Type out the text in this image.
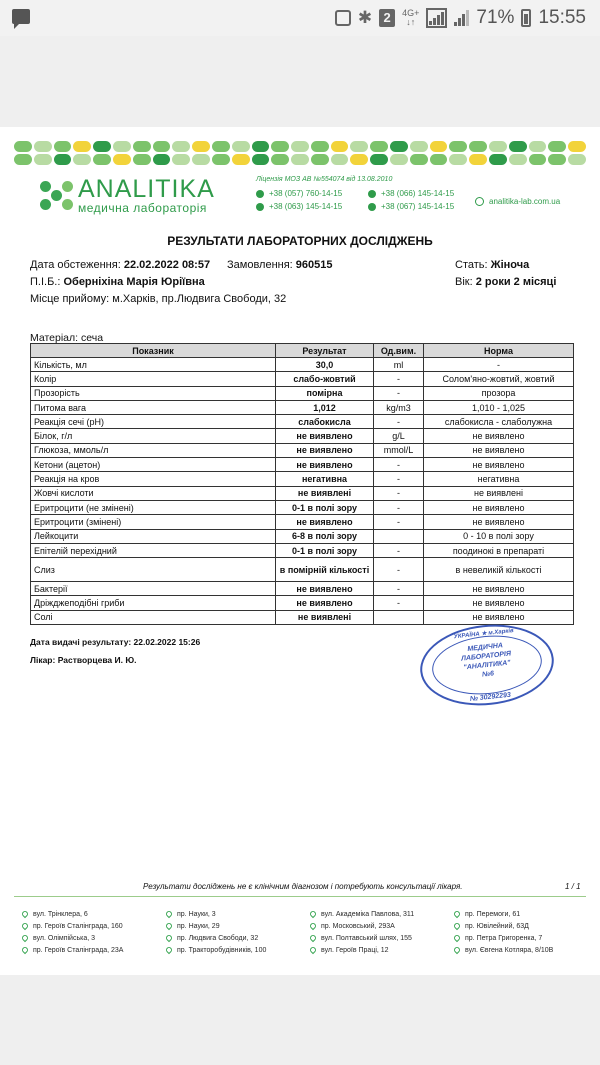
✱ 2	4G+
↓↑	71% 15:55
ANALITIKA
медична лабораторія
Ліцензія МОЗ АВ №554074 від 13.08.2010
+38 (057) 760-14-15	+38 (066) 145-14-15
+38 (063) 145-14-15	+38 (067) 145-14-15
analitika-lab.com.ua
РЕЗУЛЬТАТИ ЛАБОРАТОРНИХ ДОСЛІДЖЕНЬ
Дата обстеження: 22.02.2022 08:57 Замовлення: 960515	Стать: Жіноча
П.І.Б.: Оберніхіна Марія Юріївна	Вік: 2 роки 2 місяці
Місце прийому: м.Харків, пр.Людвига Свободи, 32
Матеріал: сеча
Показник	Результат	Од.вим.	Норма
Кількість, мл	30,0	ml	-
Колір	слабо-жовтий	-	Солом'яно-жовтий, жовтий
Прозорість	помірна	-	прозора
Питома вага	1,012	kg/m3	1,010 - 1,025
Реакція сечі (pH)	слабокисла	-	слабокисла - слаболужна
Білок, г/л	не виявлено	g/L	не виявлено
Глюкоза, ммоль/л	не виявлено	mmol/L	не виявлено
Кетони (ацетон)	не виявлено	-	не виявлено
Реакція на кров	негативна	-	негативна
Жовчі кислоти	не виявлені	-	не виявлені
Еритроцити (не змінені)	0-1 в полі зору	-	не виявлено
Еритроцити (змінені)	не виявлено	-	не виявлено
Лейкоцити	6-8 в полі зору		0 - 10 в полі зору
Епітелій перехідний	0-1 в полі зору	-	поодинокі в препараті
Слиз	в помірній кількості	-	в невеликій кількості
Бактерії	не виявлено	-	не виявлено
Дріжджеподібні гриби	не виявлено	-	не виявлено
Солі	не виявлені		не виявлено
Дата видачі результату: 22.02.2022 15:26
Лікар: Растворцева И. Ю.
УКРАЇНА ★ м.Харків
МЕДИЧНА
ЛАБОРАТОРІЯ
"АНАЛІТИКА"
№6
№ 30292293
Результати досліджень не є клінічним діагнозом і потребують консультації лікаря.	1 / 1
вул. Трінклера, 6	пр. Науки, 3	вул. Академіка Павлова, 311	пр. Перемоги, 61
пр. Героїв Сталінграда, 160	пр. Науки, 29	пр. Московський, 293А	пр. Ювілейний, 63Д
вул. Олімпійська, 3	пр. Людвига Свободи, 32	вул. Полтавський шлях, 155	пр. Петра Григоренка, 7
пр. Героїв Сталінграда, 23А	пр. Тракторобудівників, 100	вул. Героїв Праці, 12	вул. Євгена Котляра, 8/10В
